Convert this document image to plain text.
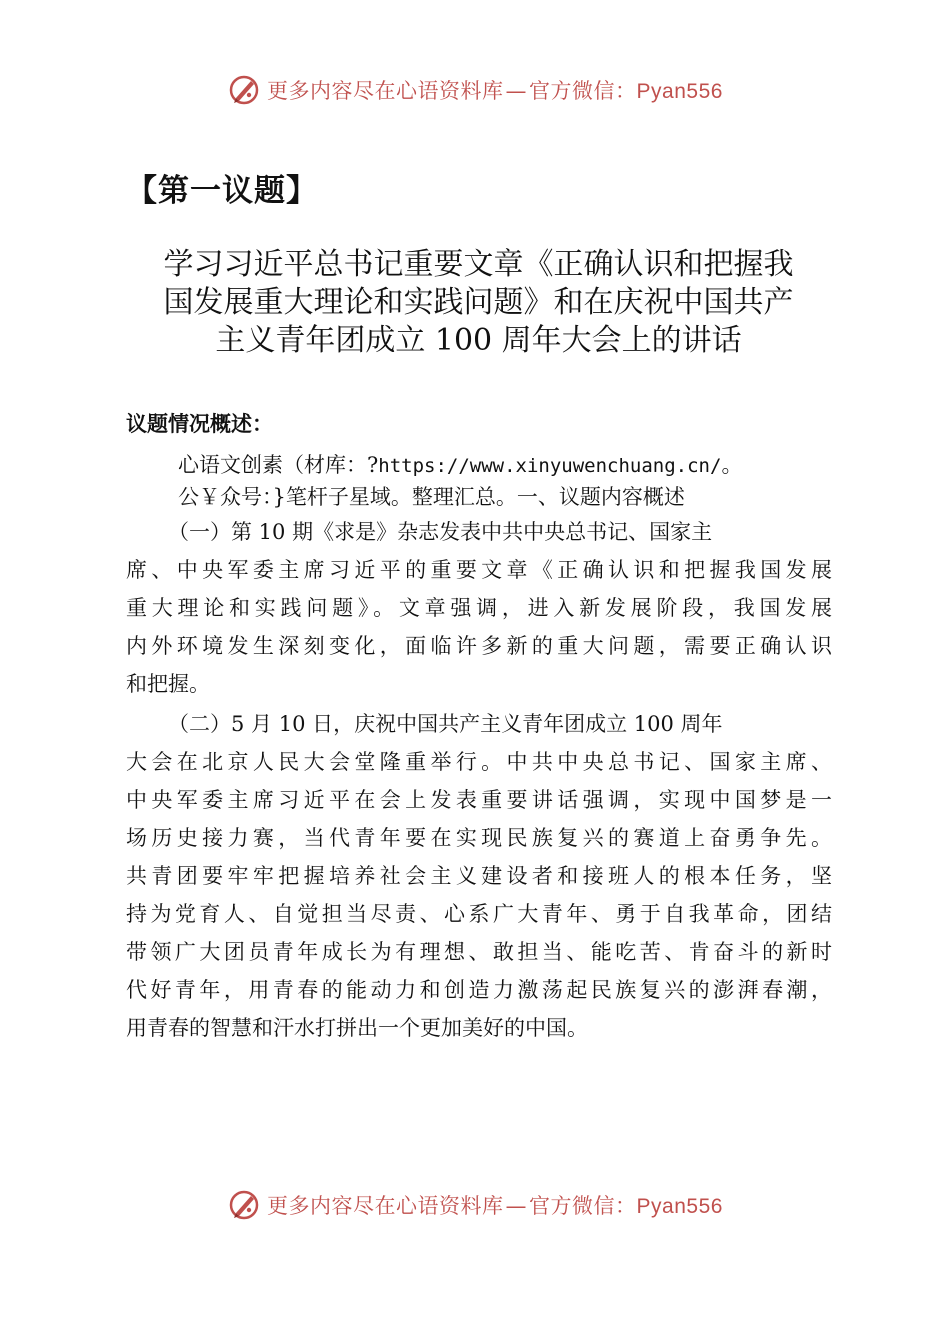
更多内容尽在心语资料库—官方微信：Pyan556
【第一议题】
学习习近平总书记重要文章《正确认识和把握我
国发展重大理论和实践问题》和在庆祝中国共产
主义青年团成立 100 周年大会上的讲话
议题情况概述：
心语文创素（材库：?https://www.xinyuwenchuang.cn/。
公￥众号：}笔杆子星域。整理汇总。一、议题内容概述
（一）第 10 期《求是》杂志发表中共中央总书记、国家主
席、中央军委主席习近平的重要文章《正确认识和把握我国发展
重大理论和实践问题》。文章强调，进入新发展阶段，我国发展
内外环境发生深刻变化，面临许多新的重大问题，需要正确认识
和把握。
（二）5 月 10 日，庆祝中国共产主义青年团成立 100 周年
大会在北京人民大会堂隆重举行。中共中央总书记、国家主席、
中央军委主席习近平在会上发表重要讲话强调，实现中国梦是一
场历史接力赛，当代青年要在实现民族复兴的赛道上奋勇争先。
共青团要牢牢把握培养社会主义建设者和接班人的根本任务，坚
持为党育人、自觉担当尽责、心系广大青年、勇于自我革命，团结
带领广大团员青年成长为有理想、敢担当、能吃苦、肯奋斗的新时
代好青年，用青春的能动力和创造力激荡起民族复兴的澎湃春潮，
用青春的智慧和汗水打拼出一个更加美好的中国。
更多内容尽在心语资料库—官方微信：Pyan556
